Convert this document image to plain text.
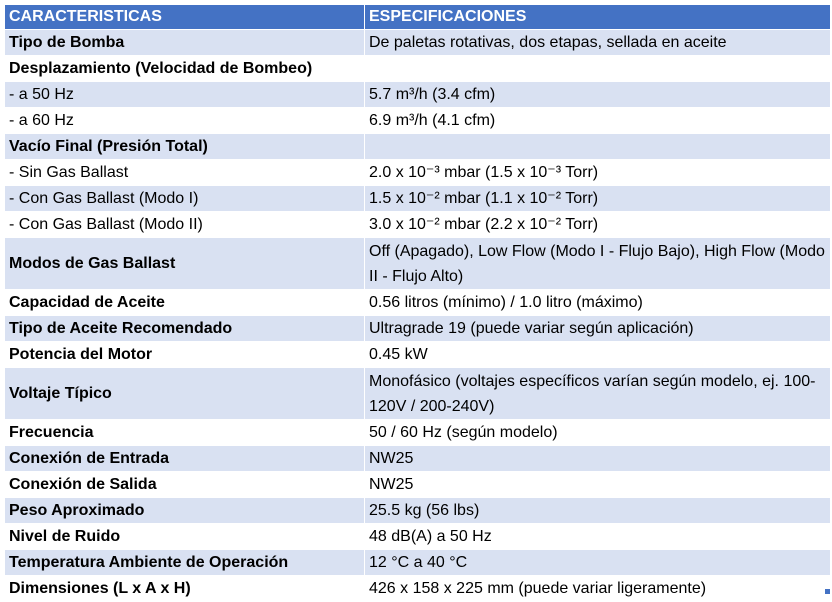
CARACTERISTICAS	ESPECIFICACIONES
Tipo de Bomba	De paletas rotativas, dos etapas, sellada en aceite
Desplazamiento (Velocidad de Bombeo)	
- a 50 Hz	5.7 m³/h (3.4 cfm)
- a 60 Hz	6.9 m³/h (4.1 cfm)
Vacío Final (Presión Total)	
- Sin Gas Ballast	2.0 x 10⁻³ mbar (1.5 x 10⁻³ Torr)
- Con Gas Ballast (Modo I)	1.5 x 10⁻² mbar (1.1 x 10⁻² Torr)
- Con Gas Ballast (Modo II)	3.0 x 10⁻² mbar (2.2 x 10⁻² Torr)
Modos de Gas Ballast	Off (Apagado), Low Flow (Modo I - Flujo Bajo), High Flow (Modo II - Flujo Alto)
Capacidad de Aceite	0.56 litros (mínimo) / 1.0 litro (máximo)
Tipo de Aceite Recomendado	Ultragrade 19 (puede variar según aplicación)
Potencia del Motor	0.45 kW
Voltaje Típico	Monofásico (voltajes específicos varían según modelo, ej. 100-120V / 200-240V)
Frecuencia	50 / 60 Hz (según modelo)
Conexión de Entrada	NW25
Conexión de Salida	NW25
Peso Aproximado	25.5 kg (56 lbs)
Nivel de Ruido	48 dB(A) a 50 Hz
Temperatura Ambiente de Operación	12 °C a 40 °C
Dimensiones (L x A x H)	426 x 158 x 225 mm (puede variar ligeramente)
